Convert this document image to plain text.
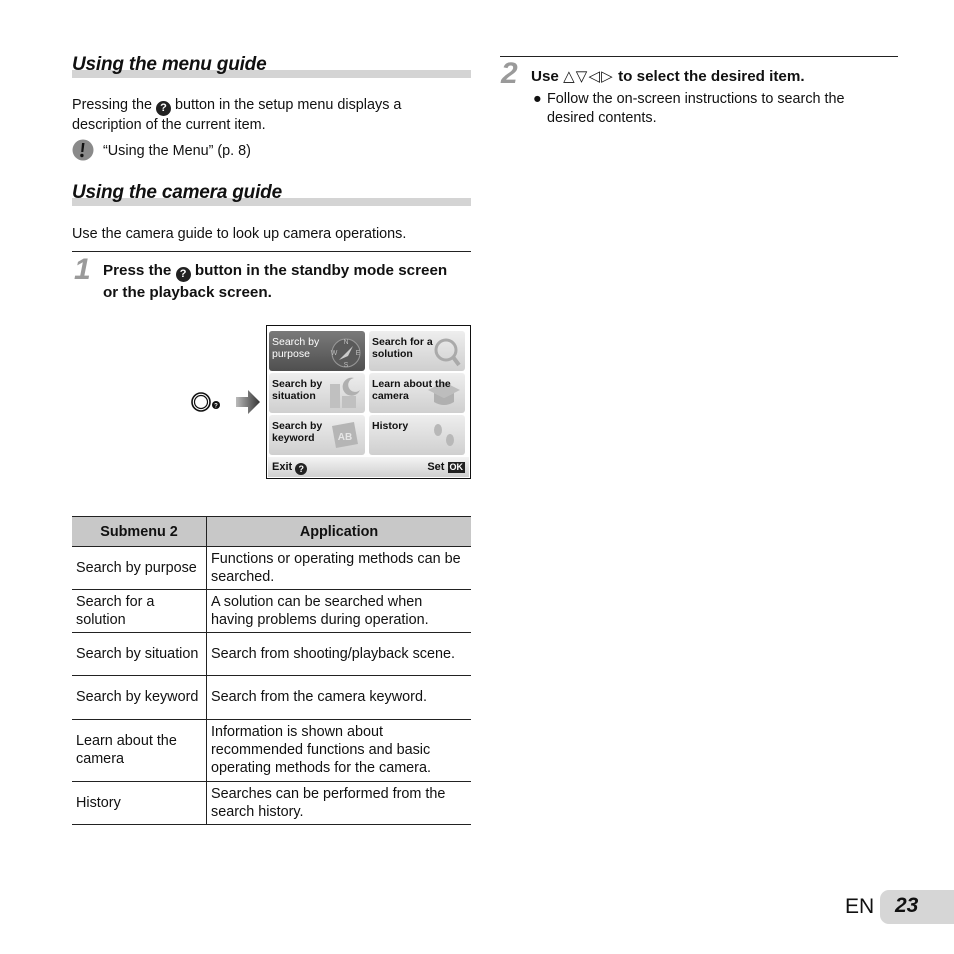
Using the menu guide
Pressing the ? button in the setup menu displays a description of the current item.
“Using the Menu” (p. 8)
Using the camera guide
Use the camera guide to look up camera operations.
1 Press the ? button in the standby mode screen or the playback screen.
?
Search by
purpose
N
W	E
S
Search for a
solution
Search by
situation
Learn about the
camera
Search by
keyword	AB
History
Exit ?	Set OK
Submenu 2	Application
Search by purpose	Functions or operating methods can be searched.
Search for a solution	A solution can be searched when having problems during operation.
Search by situation	Search from shooting/playback scene.
Search by keyword	Search from the camera keyword.
Learn about the camera	Information is shown about recommended functions and basic operating methods for the camera.
History	Searches can be performed from the search history.
2 Use △▽◁▷ to select the desired item.
● Follow the on-screen instructions to search the desired contents.
EN 23
